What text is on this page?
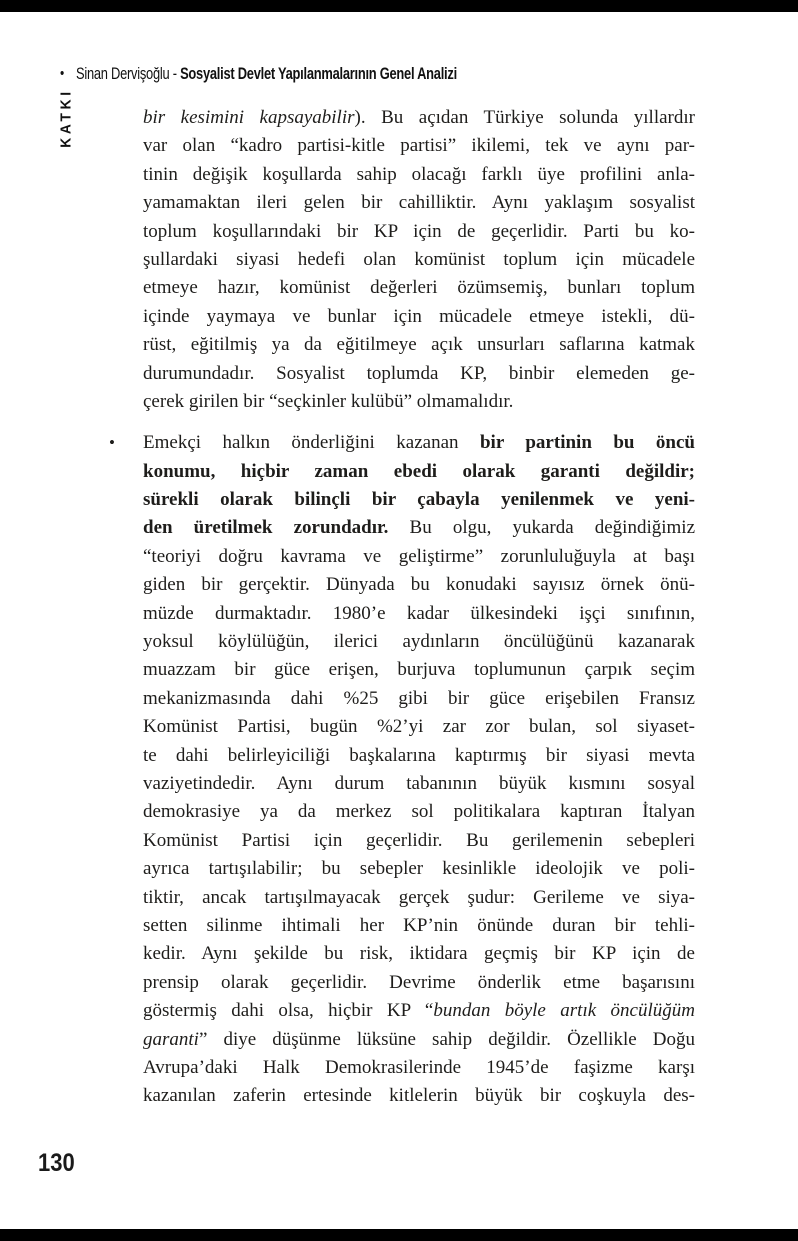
• Sinan Dervişoğlu - Sosyalist Devlet Yapılanmalarının Genel Analizi
KATKI	bir kesimini kapsayabilir). Bu açıdan Türkiye solunda yıllardır
var olan “kadro partisi-kitle partisi” ikilemi, tek ve aynı par-
tinin değişik koşullarda sahip olacağı farklı üye profilini anla-
yamamaktan ileri gelen bir cahilliktir. Aynı yaklaşım sosyalist
toplum koşullarındaki bir KP için de geçerlidir. Parti bu ko-
şullardaki siyasi hedefi olan komünist toplum için mücadele
etmeye hazır, komünist değerleri özümsemiş, bunları toplum
içinde yaymaya ve bunlar için mücadele etmeye istekli, dü-
rüst, eğitilmiş ya da eğitilmeye açık unsurları saflarına katmak
durumundadır. Sosyalist toplumda KP, binbir elemeden ge-
çerek girilen bir “seçkinler kulübü” olmamalıdır.
• Emekçi halkın önderliğini kazanan bir partinin bu öncü
konumu, hiçbir zaman ebedi olarak garanti değildir;
sürekli olarak bilinçli bir çabayla yenilenmek ve yeni-
den üretilmek zorundadır. Bu olgu, yukarda değindiğimiz
“teoriyi doğru kavrama ve geliştirme” zorunluluğuyla at başı
giden bir gerçektir. Dünyada bu konudaki sayısız örnek önü-
müzde durmaktadır. 1980’e kadar ülkesindeki işçi sınıfının,
yoksul köylülüğün, ilerici aydınların öncülüğünü kazanarak
muazzam bir güce erişen, burjuva toplumunun çarpık seçim
mekanizmasında dahi %25 gibi bir güce erişebilen Fransız
Komünist Partisi, bugün %2’yi zar zor bulan, sol siyaset-
te dahi belirleyiciliği başkalarına kaptırmış bir siyasi mevta
vaziyetindedir. Aynı durum tabanının büyük kısmını sosyal
demokrasiye ya da merkez sol politikalara kaptıran İtalyan
Komünist Partisi için geçerlidir. Bu gerilemenin sebepleri
ayrıca tartışılabilir; bu sebepler kesinlikle ideolojik ve poli-
tiktir, ancak tartışılmayacak gerçek şudur: Gerileme ve siya-
setten silinme ihtimali her KP’nin önünde duran bir tehli-
kedir. Aynı şekilde bu risk, iktidara geçmiş bir KP için de
prensip olarak geçerlidir. Devrime önderlik etme başarısını
göstermiş dahi olsa, hiçbir KP “bundan böyle artık öncülüğüm
garanti” diye düşünme lüksüne sahip değildir. Özellikle Doğu
Avrupa’daki Halk Demokrasilerinde 1945’de faşizme karşı
kazanılan zaferin ertesinde kitlelerin büyük bir coşkuyla des-
130
